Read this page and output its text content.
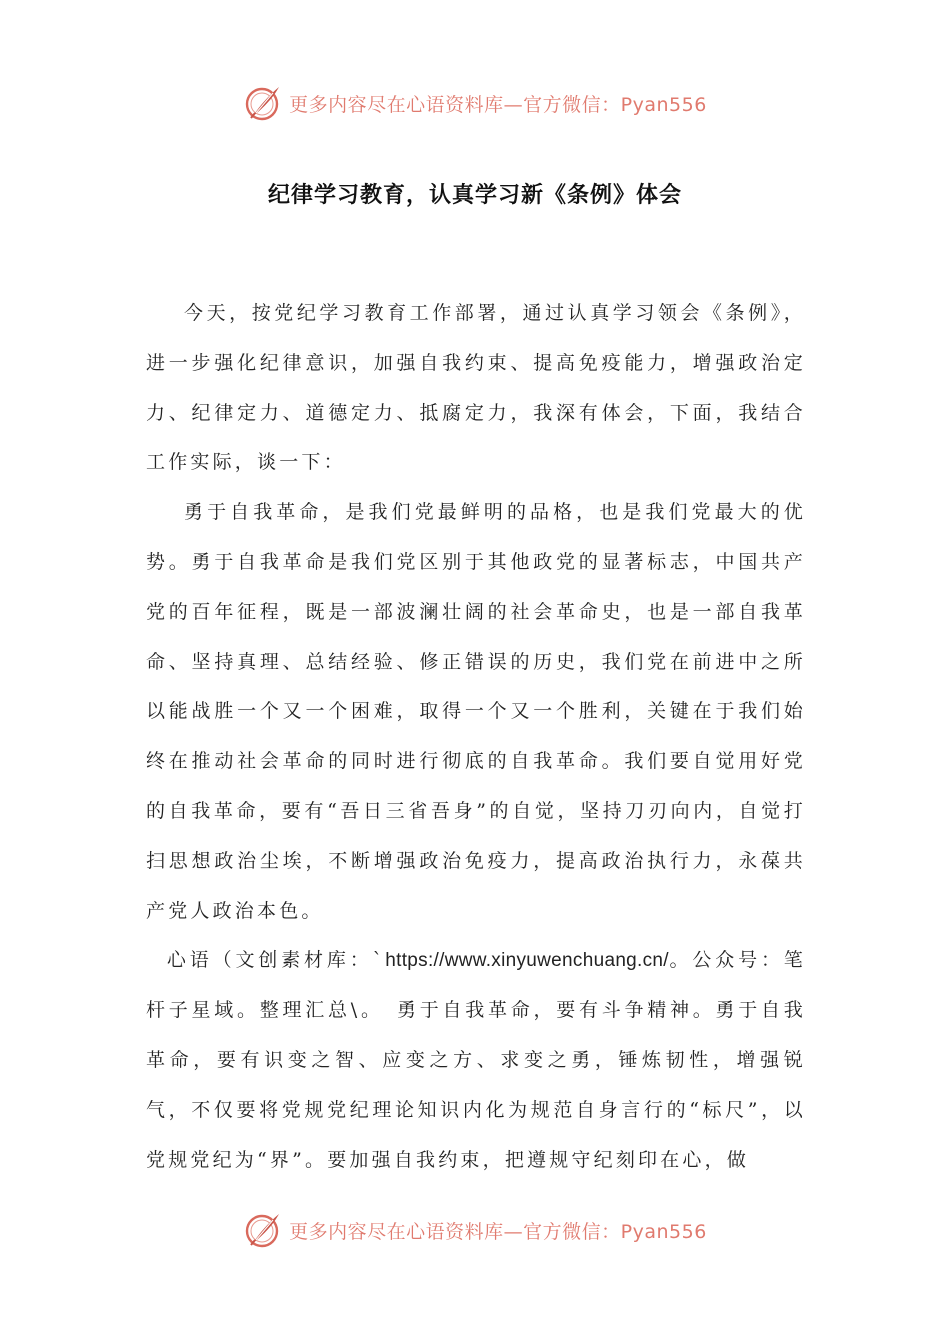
更多内容尽在心语资料库—官方微信：Pyan556
纪律学习教育，认真学习新《条例》体会

今天，按党纪学习教育工作部署，通过认真学习领会《条例》，进一步强化纪律意识，加强自我约束、提高免疫能力，增强政治定力、纪律定力、道德定力、抵腐定力，我深有体会，下面，我结合工作实际，谈一下：

勇于自我革命，是我们党最鲜明的品格，也是我们党最大的优势。勇于自我革命是我们党区别于其他政党的显著标志，中国共产党的百年征程，既是一部波澜壮阔的社会革命史，也是一部自我革命、坚持真理、总结经验、修正错误的历史，我们党在前进中之所以能战胜一个又一个困难，取得一个又一个胜利，关键在于我们始终在推动社会革命的同时进行彻底的自我革命。我们要自觉用好党的自我革命，要有“吾日三省吾身”的自觉，坚持刀刃向内，自觉打扫思想政治尘埃，不断增强政治免疫力，提高政治执行力，永葆共产党人政治本色。

心语（文创素材库：`https://www.xinyuwenchuang.cn/。公众号：笔杆子星域。整理汇总\。　勇于自我革命，要有斗争精神。勇于自我革命，要有识变之智、应变之方、求变之勇，锤炼韧性，增强锐气，不仅要将党规党纪理论知识内化为规范自身言行的“标尺”，以党规党纪为“界”。要加强自我约束，把遵规守纪刻印在心，做

更多内容尽在心语资料库—官方微信：Pyan556
